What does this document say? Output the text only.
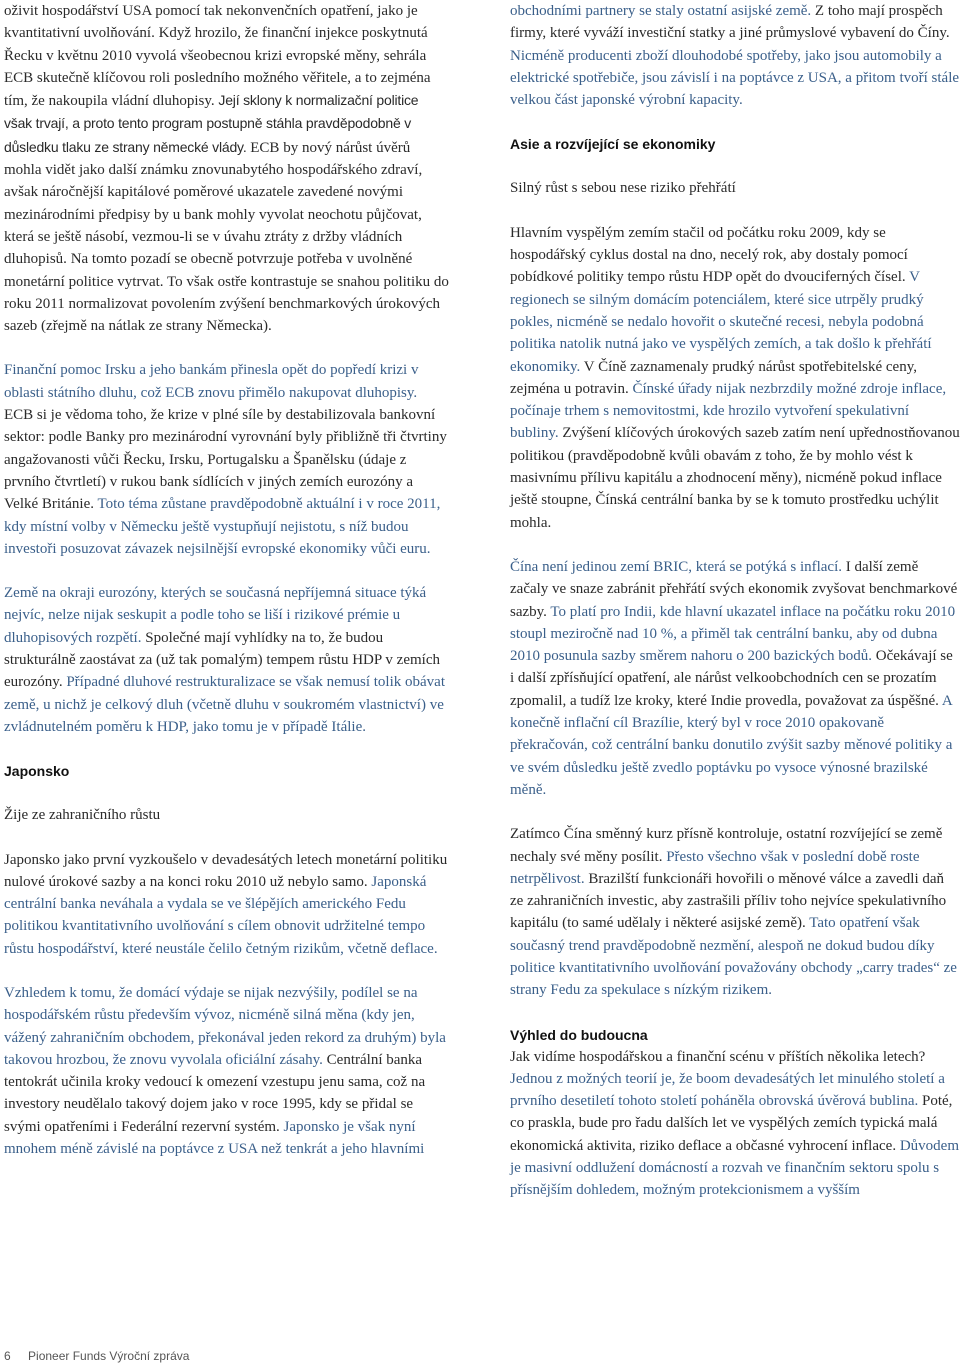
oživit hospodářství USA pomocí tak nekonvenčních opatření, jako je kvantitativní uvolňování. Když hrozilo, že finanční injekce poskytnutá Řecku v květnu 2010 vyvolá všeobecnou krizi evropské měny, sehrála ECB skutečně klíčovou roli posledního možného věřitele, a to zejména tím, že nakoupila vládní dluhopisy. Její sklony k normalizační politice však trvají, a proto tento program postupně stáhla pravděpodobně v důsledku tlaku ze strany německé vlády. ECB by nový nárůst úvěrů mohla vidět jako další známku znovunabytého hospodářského zdraví, avšak náročnější kapitálové poměrové ukazatele zavedené novými mezinárodními předpisy by u bank mohly vyvolat neochotu půjčovat, která se ještě násobí, vezmou-li se v úvahu ztráty z držby vládních dluhopisů. Na tomto pozadí se obecně potvrzuje potřeba v uvolněné monetární politice vytrvat. To však ostře kontrastuje se snahou politiku do roku 2011 normalizovat povolením zvýšení benchmarkových úrokových sazeb (zřejmě na nátlak ze strany Německa).

Finanční pomoc Irsku a jeho bankám přinesla opět do popředí krizi v oblasti státního dluhu, což ECB znovu přimělo nakupovat dluhopisy. ECB si je vědoma toho, že krize v plné síle by destabilizovala bankovní sektor: podle Banky pro mezinárodní vyrovnání byly přibližně tři čtvrtiny angažovanosti vůči Řecku, Irsku, Portugalsku a Španělsku (údaje z prvního čtvrtletí) v rukou bank sídlících v jiných zemích eurozóny a Velké Británie. Toto téma zůstane pravděpodobně aktuální i v roce 2011, kdy místní volby v Německu ještě vystupňují nejistotu, s níž budou investoři posuzovat závazek nejsilnější evropské ekonomiky vůči euru.

Země na okraji eurozóny, kterých se současná nepříjemná situace týká nejvíc, nelze nijak seskupit a podle toho se liší i rizikové prémie u dluhopisových rozpětí. Společné mají vyhlídky na to, že budou strukturálně zaostávat za (už tak pomalým) tempem růstu HDP v zemích eurozóny. Případné dluhové restrukturalizace se však nemusí tolik obávat země, u nichž je celkový dluh (včetně dluhu v soukromém vlastnictví) ve zvládnutelném poměru k HDP, jako tomu je v případě Itálie.

Japonsko

Žije ze zahraničního růstu

Japonsko jako první vyzkoušelo v devadesátých letech monetární politiku nulové úrokové sazby a na konci roku 2010 už nebylo samo. Japonská centrální banka neváhala a vydala se ve šlépějích amerického Fedu politikou kvantitativního uvolňování s cílem obnovit udržitelné tempo růstu hospodářství, které neustále čelilo četným rizikům, včetně deflace.

Vzhledem k tomu, že domácí výdaje se nijak nezvýšily, podílel se na hospodářském růstu především vývoz, nicméně silná měna (kdy jen, vážený zahraničním obchodem, překonával jeden rekord za druhým) byla takovou hrozbou, že znovu vyvolala oficiální zásahy. Centrální banka tentokrát učinila kroky vedoucí k omezení vzestupu jenu sama, což na investory neudělalo takový dojem jako v roce 1995, kdy se přidal se svými opatřeními i Federální rezervní systém. Japonsko je však nyní mnohem méně závislé na poptávce z USA než tenkrát a jeho hlavními

obchodními partnery se staly ostatní asijské země. Z toho mají prospěch firmy, které vyváží investiční statky a jiné průmyslové vybavení do Číny. Nicméně producenti zboží dlouhodobé spotřeby, jako jsou automobily a elektrické spotřebiče, jsou závislí i na poptávce z USA, a přitom tvoří stále velkou část japonské výrobní kapacity.

Asie a rozvíjející se ekonomiky

Silný růst s sebou nese riziko přehřátí

Hlavním vyspělým zemím stačil od počátku roku 2009, kdy se hospodářský cyklus dostal na dno, necelý rok, aby dostaly pomocí pobídkové politiky tempo růstu HDP opět do dvouciferných čísel. V regionech se silným domácím potenciálem, které sice utrpěly prudký pokles, nicméně se nedalo hovořit o skutečné recesi, nebyla podobná politika natolik nutná jako ve vyspělých zemích, a tak došlo k přehřátí ekonomiky. V Číně zaznamenaly prudký nárůst spotřebitelské ceny, zejména u potravin. Čínské úřady nijak nezbrzdily možné zdroje inflace, počínaje trhem s nemovitostmi, kde hrozilo vytvoření spekulativní bubliny. Zvýšení klíčových úrokových sazeb zatím není upřednostňovanou politikou (pravděpodobně kvůli obavám z toho, že by mohlo vést k masivnímu přílivu kapitálu a zhodnocení měny), nicméně pokud inflace ještě stoupne, Čínská centrální banka by se k tomuto prostředku uchýlit mohla.

Čína není jedinou zemí BRIC, která se potýká s inflací. I další země začaly ve snaze zabránit přehřátí svých ekonomik zvyšovat benchmarkové sazby. To platí pro Indii, kde hlavní ukazatel inflace na počátku roku 2010 stoupl meziročně nad 10 %, a přiměl tak centrální banku, aby od dubna 2010 posunula sazby směrem nahoru o 200 bazických bodů. Očekávají se i další zpřísňující opatření, ale nárůst velkoobchodních cen se prozatím zpomalil, a tudíž lze kroky, které Indie provedla, považovat za úspěšné. A konečně inflační cíl Brazílie, který byl v roce 2010 opakovaně překračován, což centrální banku donutilo zvýšit sazby měnové politiky a ve svém důsledku ještě zvedlo poptávku po vysoce výnosné brazilské měně.

Zatímco Čína směnný kurz přísně kontroluje, ostatní rozvíjející se země nechaly své měny posílit. Přesto všechno však v poslední době roste netrpělivost. Brazilští funkcionáři hovořili o měnové válce a zavedli daň ze zahraničních investic, aby zastrašili příliv toho nejvíce spekulativního kapitálu (to samé udělaly i některé asijské země). Tato opatření však současný trend pravděpodobně nezmění, alespoň ne dokud budou díky politice kvantitativního uvolňování považovány obchody „carry trades“ ze strany Fedu za spekulace s nízkým rizikem.

Výhled do budoucna

Jak vidíme hospodářskou a finanční scénu v příštích několika letech? Jednou z možných teorií je, že boom devadesátých let minulého století a prvního desetiletí tohoto století pohánělа obrovská úvěrová bublina. Poté, co praskla, bude pro řadu dalších let ve vyspělých zemích typická malá ekonomická aktivita, riziko deflace a občasné vyhrocení inflace. Důvodem je masivní oddlužení domácností a rozvah ve finančním sektoru spolu s přísnějším dohledem, možným protekcionismem a vyšším

6 Pioneer Funds Výroční zpráva
